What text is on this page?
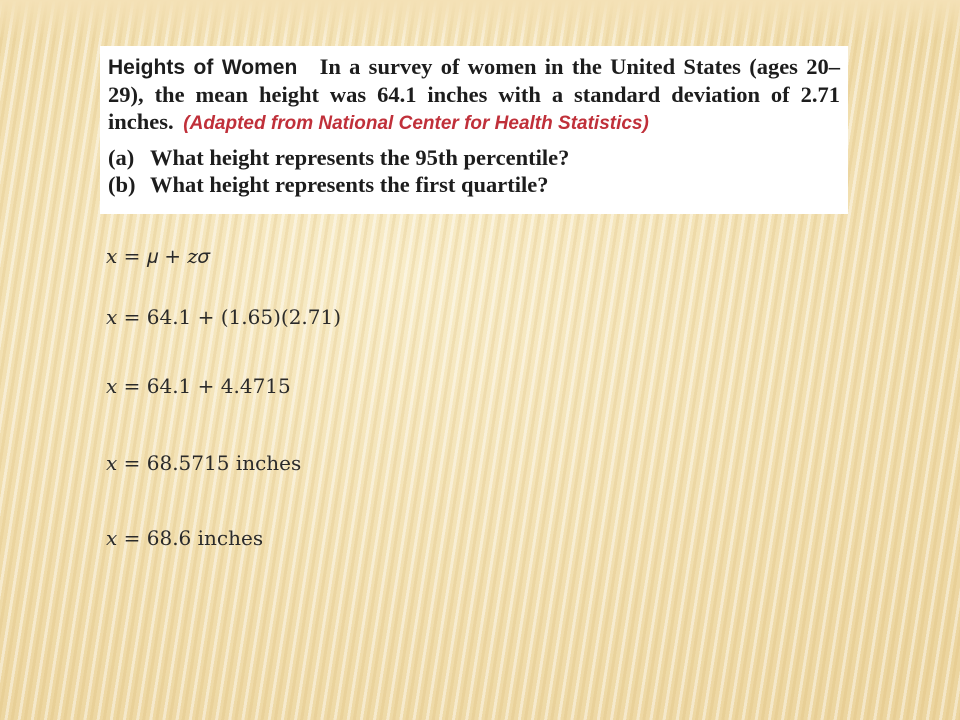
Heights of Women In a survey of women in the United States (ages 20–29), the mean height was 64.1 inches with a standard deviation of 2.71 inches. (Adapted from National Center for Health Statistics)

(a) What height represents the 95th percentile?

(b) What height represents the first quartile?

𝑥 = 𝜇 + 𝑧𝜎

𝑥 = 64.1 + (1.65)(2.71)

𝑥 = 64.1 + 4.4715

𝑥 = 68.5715 inches

𝑥 = 68.6 inches
